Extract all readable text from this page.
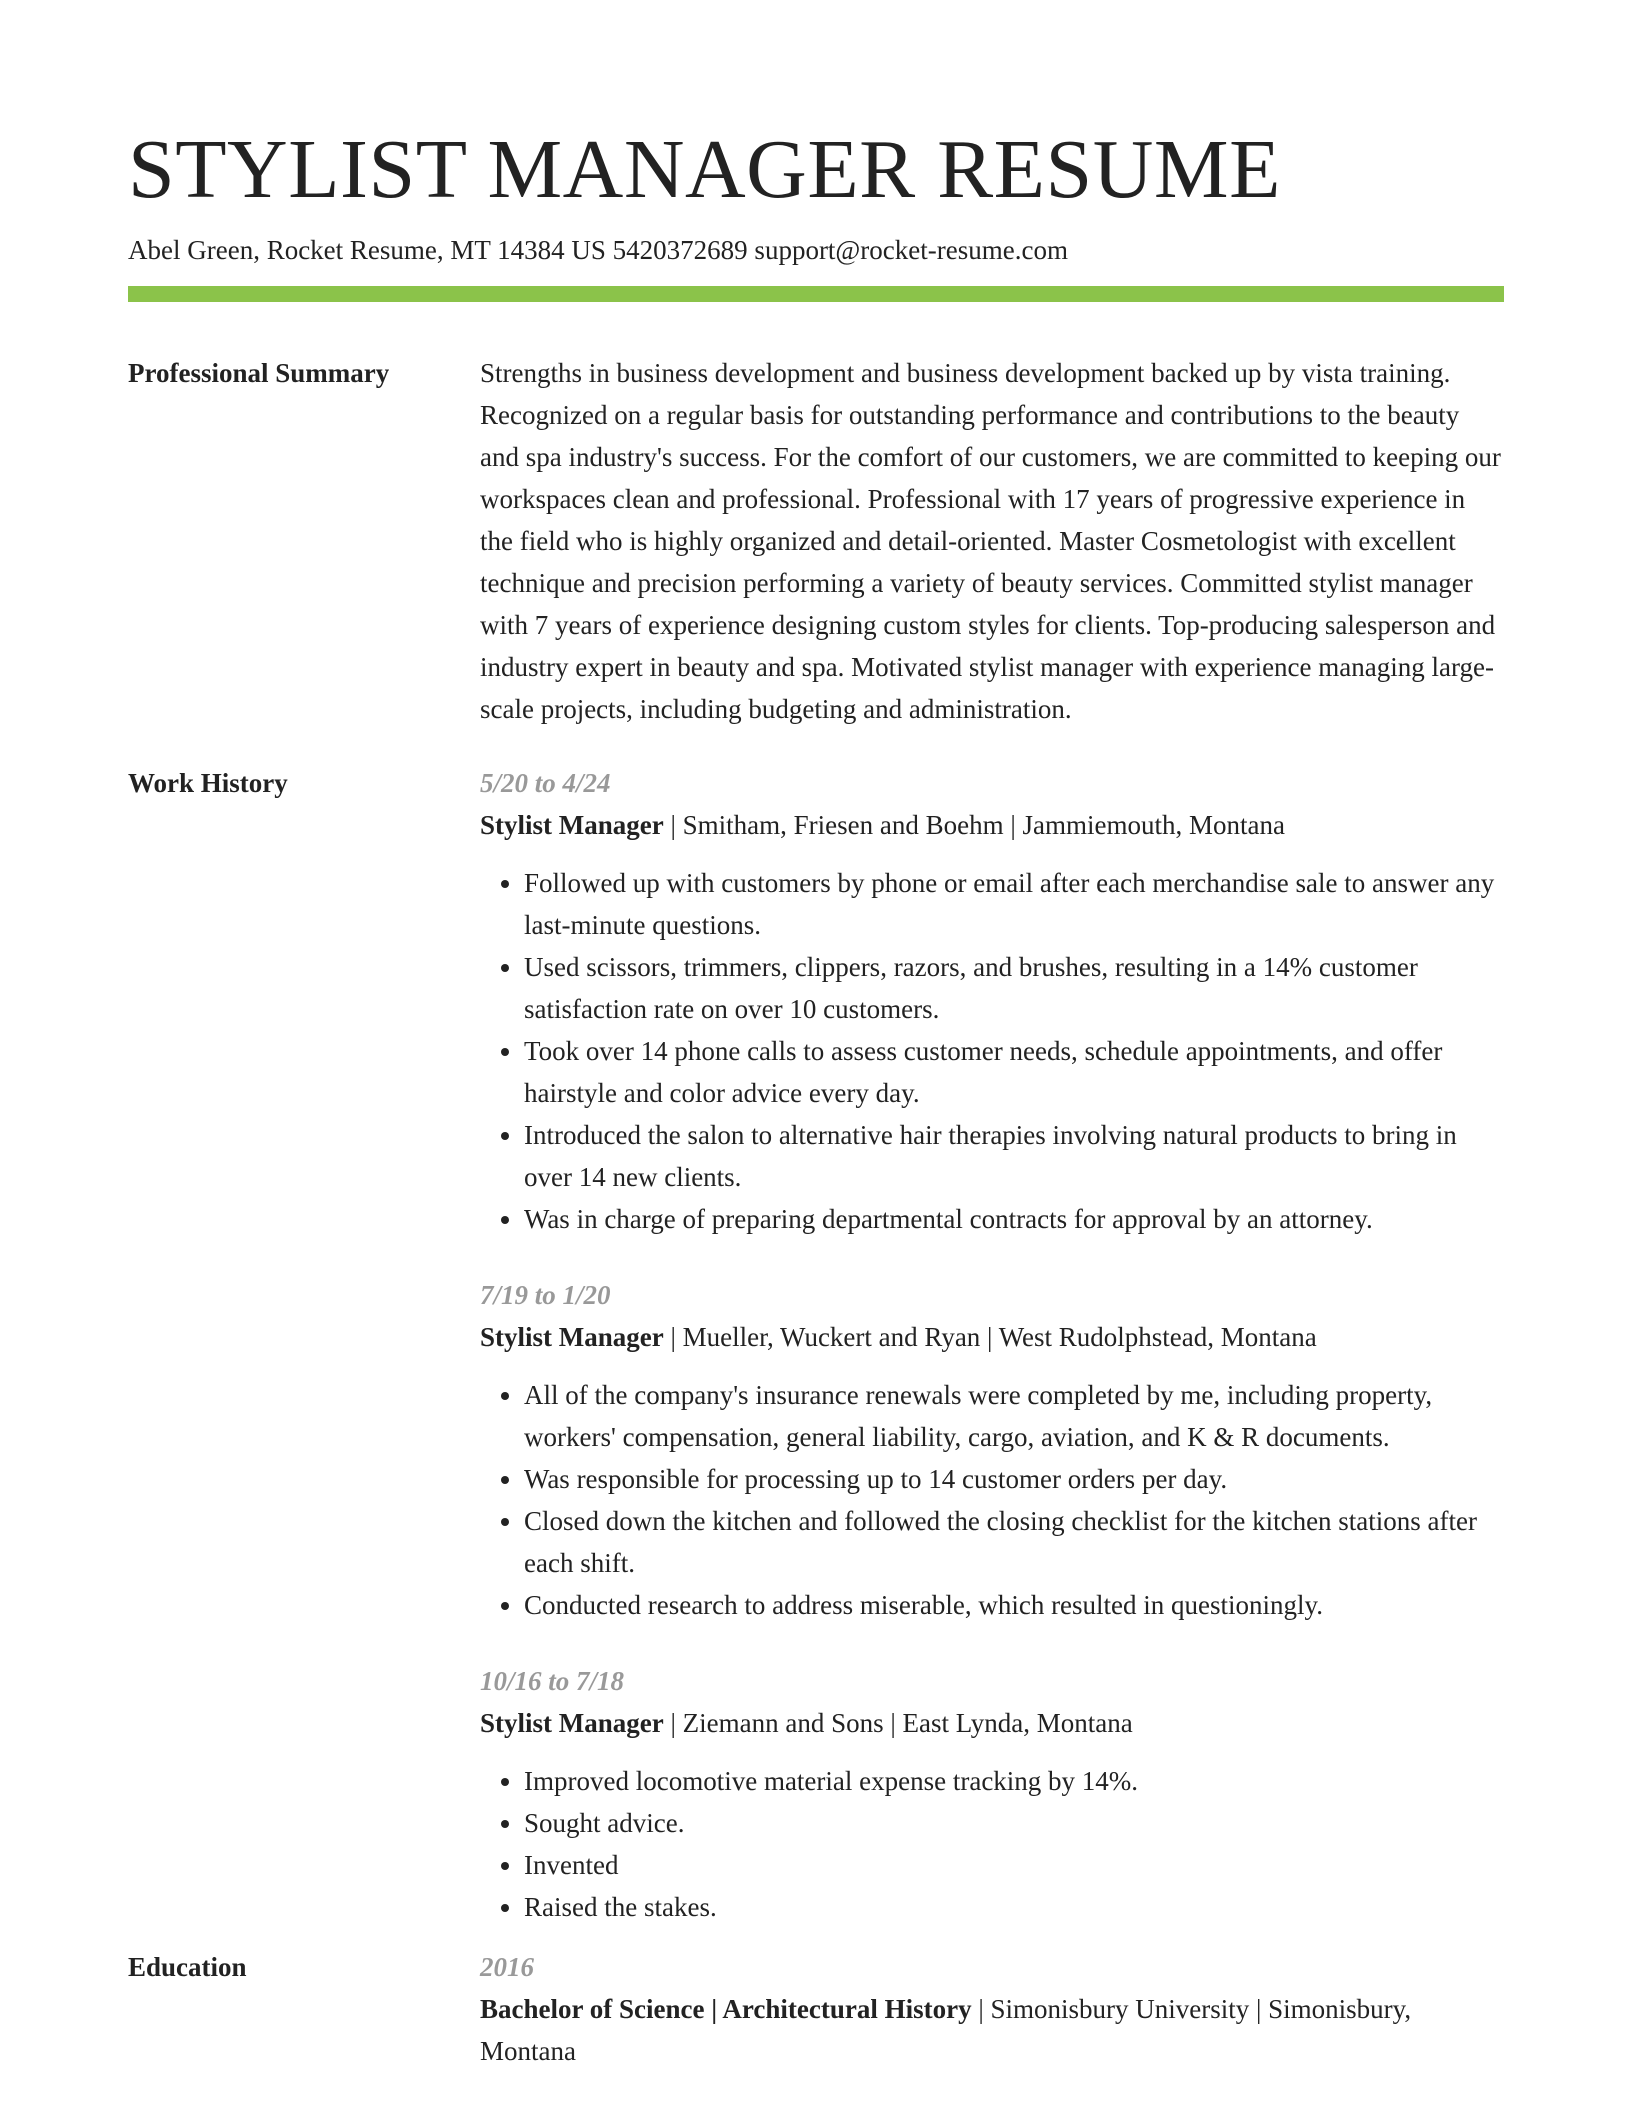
STYLIST MANAGER RESUME
Abel Green, Rocket Resume, MT 14384 US 5420372689 support@rocket-resume.com
Professional Summary	Strengths in business development and business development backed up by vista training. Recognized on a regular basis for outstanding performance and contributions to the beauty and spa industry's success. For the comfort of our customers, we are committed to keeping our workspaces clean and professional. Professional with 17 years of progressive experience in the field who is highly organized and detail-oriented. Master Cosmetologist with excellent technique and precision performing a variety of beauty services. Committed stylist manager with 7 years of experience designing custom styles for clients. Top-producing salesperson and industry expert in beauty and spa. Motivated stylist manager with experience managing large-scale projects, including budgeting and administration.

Work History	5/20 to 4/24
Stylist Manager | Smitham, Friesen and Boehm | Jammiemouth, Montana
• Followed up with customers by phone or email after each merchandise sale to answer any last-minute questions.
• Used scissors, trimmers, clippers, razors, and brushes, resulting in a 14% customer satisfaction rate on over 10 customers.
• Took over 14 phone calls to assess customer needs, schedule appointments, and offer hairstyle and color advice every day.
• Introduced the salon to alternative hair therapies involving natural products to bring in over 14 new clients.
• Was in charge of preparing departmental contracts for approval by an attorney.
7/19 to 1/20
Stylist Manager | Mueller, Wuckert and Ryan | West Rudolphstead, Montana
• All of the company's insurance renewals were completed by me, including property, workers' compensation, general liability, cargo, aviation, and K & R documents.
• Was responsible for processing up to 14 customer orders per day.
• Closed down the kitchen and followed the closing checklist for the kitchen stations after each shift.
• Conducted research to address miserable, which resulted in questioningly.
10/16 to 7/18
Stylist Manager | Ziemann and Sons | East Lynda, Montana
• Improved locomotive material expense tracking by 14%.
• Sought advice.
• Invented
• Raised the stakes.
Education	2016
Bachelor of Science | Architectural History | Simonisbury University | Simonisbury, Montana
